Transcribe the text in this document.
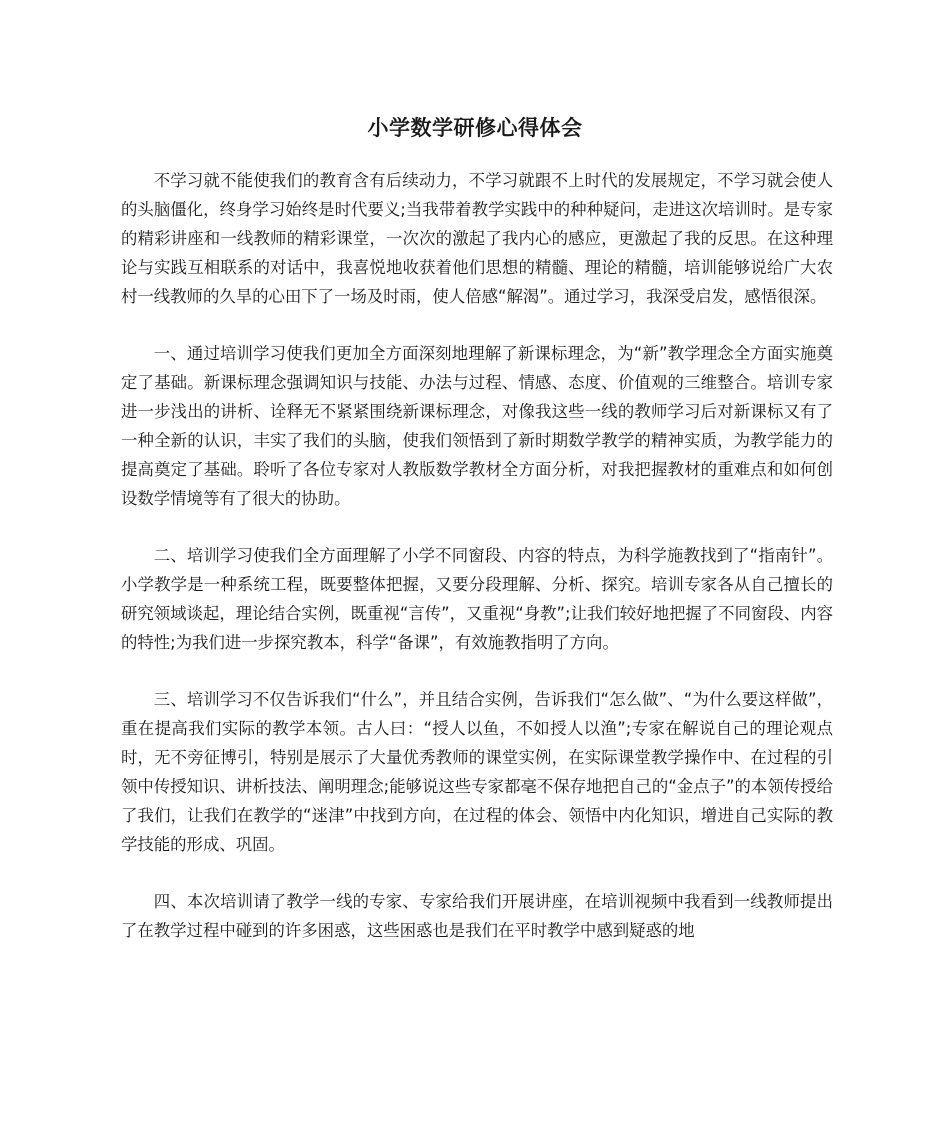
小学数学研修心得体会

不学习就不能使我们的教育含有后续动力，不学习就跟不上时代的发展规定，不学习就会使人的头脑僵化，终身学习始终是时代要义;当我带着教学实践中的种种疑问，走进这次培训时。是专家的精彩讲座和一线教师的精彩课堂，一次次的激起了我内心的感应，更激起了我的反思。在这种理论与实践互相联系的对话中，我喜悦地收获着他们思想的精髓、理论的精髓，培训能够说给广大农村一线教师的久旱的心田下了一场及时雨，使人倍感“解渴”。通过学习，我深受启发，感悟很深。

一、通过培训学习使我们更加全方面深刻地理解了新课标理念，为“新”教学理念全方面实施奠定了基础。新课标理念强调知识与技能、办法与过程、情感、态度、价值观的三维整合。培训专家进一步浅出的讲析、诠释无不紧紧围绕新课标理念，对像我这些一线的教师学习后对新课标又有了一种全新的认识，丰实了我们的头脑，使我们领悟到了新时期数学教学的精神实质，为教学能力的提高奠定了基础。聆听了各位专家对人教版数学教材全方面分析，对我把握教材的重难点和如何创设数学情境等有了很大的协助。

二、培训学习使我们全方面理解了小学不同窗段、内容的特点，为科学施教找到了“指南针”。小学教学是一种系统工程，既要整体把握，又要分段理解、分析、探究。培训专家各从自己擅长的研究领域谈起，理论结合实例，既重视“言传”，又重视“身教”;让我们较好地把握了不同窗段、内容的特性;为我们进一步探究教本，科学“备课”，有效施教指明了方向。

三、培训学习不仅告诉我们“什么”，并且结合实例，告诉我们“怎么做”、“为什么要这样做”，重在提高我们实际的教学本领。古人曰：“授人以鱼，不如授人以渔”;专家在解说自己的理论观点时，无不旁征博引，特别是展示了大量优秀教师的课堂实例，在实际课堂教学操作中、在过程的引领中传授知识、讲析技法、阐明理念;能够说这些专家都毫不保存地把自己的“金点子”的本领传授给了我们，让我们在教学的“迷津”中找到方向，在过程的体会、领悟中内化知识，增进自己实际的教学技能的形成、巩固。

四、本次培训请了教学一线的专家、专家给我们开展讲座，在培训视频中我看到一线教师提出了在教学过程中碰到的许多困惑，这些困惑也是我们在平时教学中感到疑惑的地
